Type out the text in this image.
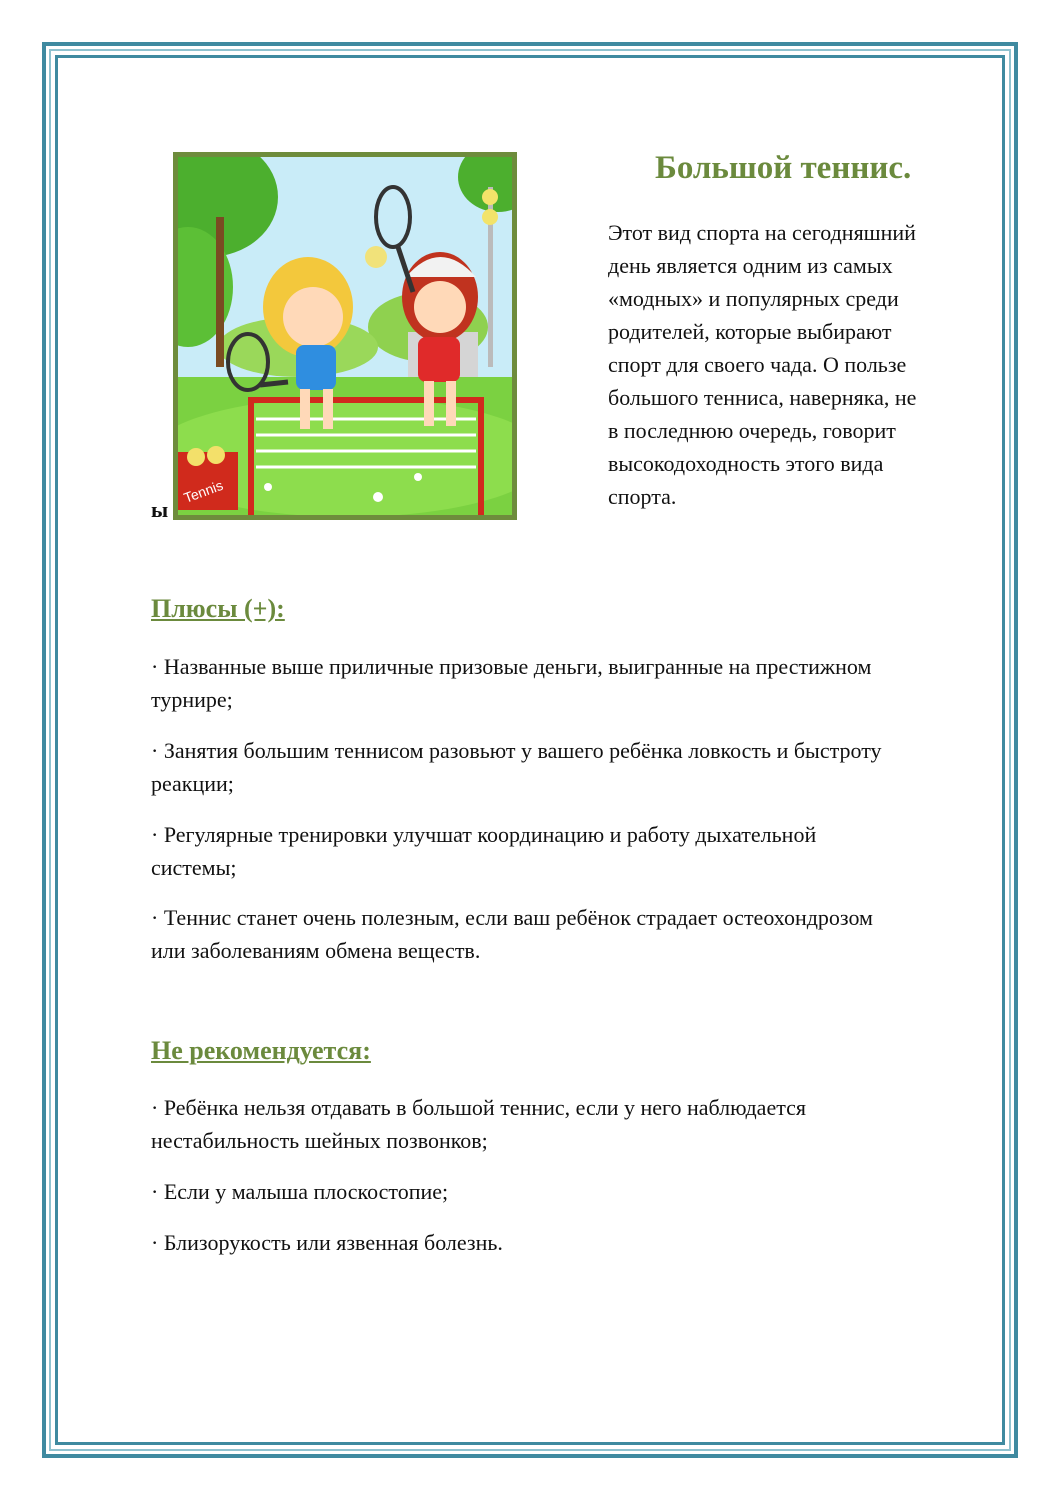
ы
Tennis
Большой теннис.
Этот вид спорта на сегодняшний
день является одним из самых
«модных» и популярных среди
родителей, которые выбирают
спорт для своего чада. О пользе
большого тенниса, наверняка, не
в последнюю очередь, говорит
высокодоходность этого вида
спорта.
Плюсы (+):
· Названные выше приличные призовые деньги, выигранные на престижном
турнире;
· Занятия большим теннисом разовьют у вашего ребёнка ловкость и быстроту
реакции;
· Регулярные тренировки улучшат координацию и работу дыхательной
системы;
· Теннис станет очень полезным, если ваш ребёнок страдает остеохондрозом
или заболеваниям обмена веществ.
Не рекомендуется:
· Ребёнка нельзя отдавать в большой теннис, если у него наблюдается
нестабильность шейных позвонков;
· Если у малыша плоскостопие;
· Близорукость или язвенная болезнь.
